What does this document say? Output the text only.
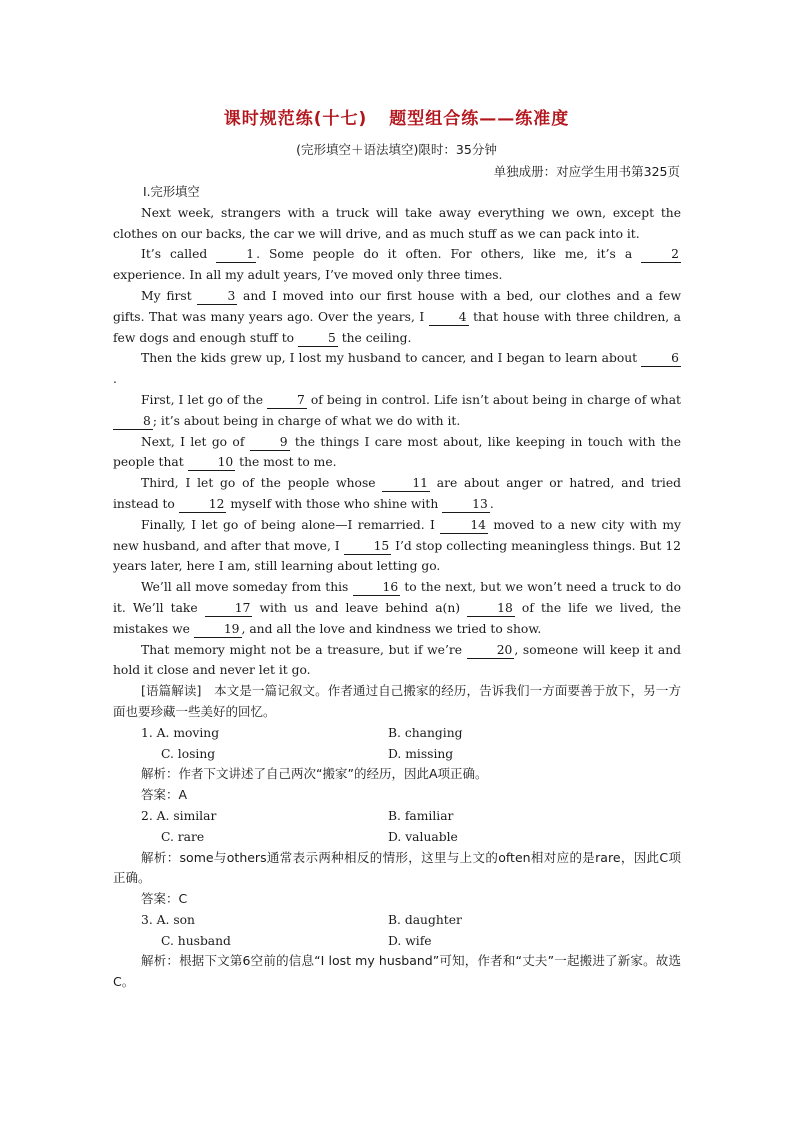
课时规范练(十七) 题型组合练——练准度
(完形填空＋语法填空)限时：35分钟
单独成册：对应学生用书第325页

Ⅰ.完形填空

Next week, strangers with a truck will take away everything we own, except the clothes on our backs, the car we will drive, and as much stuff as we can pack into it.

It’s called 1 . Some people do it often. For others, like me, it’s a 2 experience. In all my adult years, I’ve moved only three times.

My first 3 and I moved into our first house with a bed, our clothes and a few gifts. That was many years ago. Over the years, I 4 that house with three children, a few dogs and enough stuff to 5 the ceiling.

Then the kids grew up, I lost my husband to cancer, and I began to learn about 6.

First, I let go of the 7 of being in control. Life isn’t about being in charge of what 8 ; it’s about being in charge of what we do with it.

Next, I let go of 9 the things I care most about, like keeping in touch with the people that 10 the most to me.

Third, I let go of the people whose 11 are about anger or hatred, and tried instead to 12 myself with those who shine with 13 .

Finally, I let go of being alone—I remarried. I 14 moved to a new city with my new husband, and after that move, I 15 I’d stop collecting meaningless things. But 12 years later, here I am, still learning about letting go.

We’ll all move someday from this 16 to the next, but we won’t need a truck to do it. We’ll take 17 with us and leave behind a(n) 18 of the life we lived, the mistakes we 19 , and all the love and kindness we tried to show.

That memory might not be a treasure, but if we’re 20 , someone will keep it and hold it close and never let it go.

[语篇解读]　本文是一篇记叙文。作者通过自己搬家的经历，告诉我们一方面要善于放下，另一方面也要珍藏一些美好的回忆。

1. A. moving	B. changing
C. losing	D. missing

解析：作者下文讲述了自己两次“搬家”的经历，因此A项正确。

答案：A

2. A. similar	B. familiar
C. rare	D. valuable

解析：some与others通常表示两种相反的情形，这里与上文的often相对应的是rare，因此C项正确。

答案：C

3. A. son	B. daughter
C. husband	D. wife

解析：根据下文第6空前的信息“I lost my husband”可知，作者和“丈夫”一起搬进了新家。故选C。
